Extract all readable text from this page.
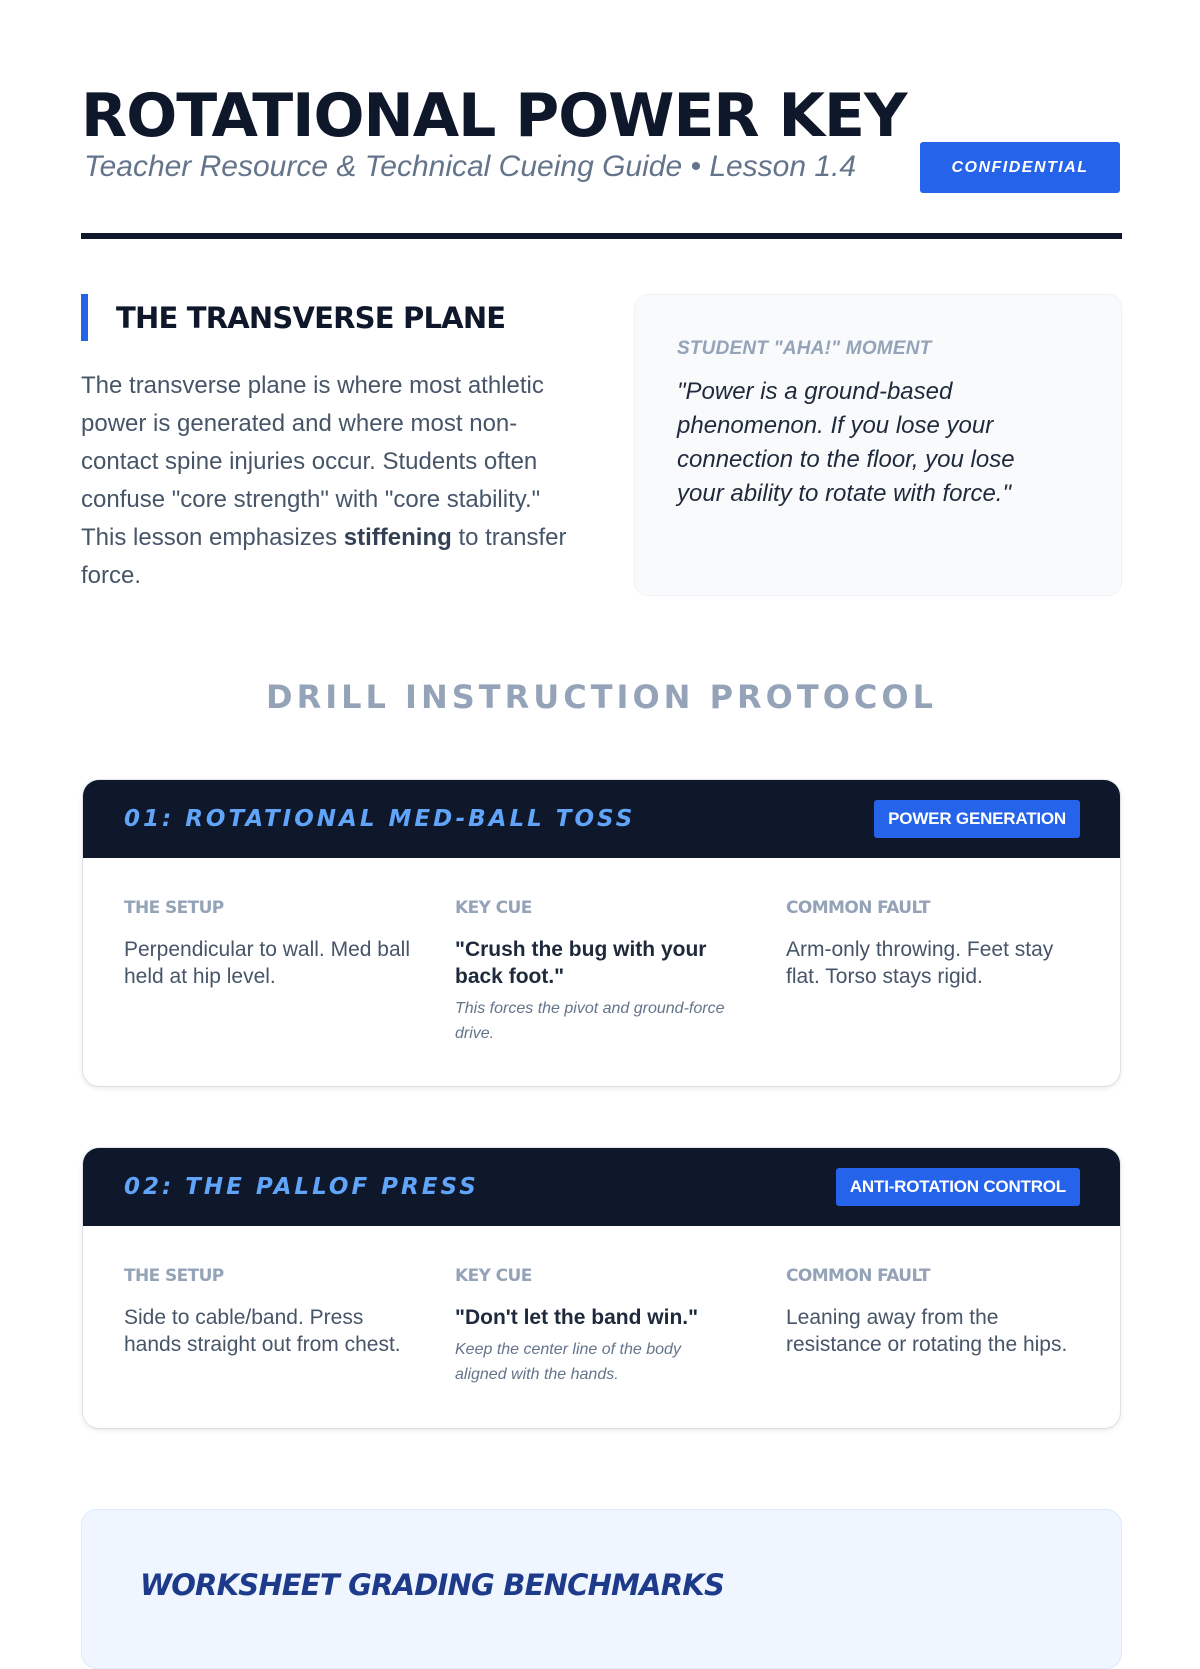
ROTATIONAL POWER KEY
Teacher Resource & Technical Cueing Guide • Lesson 1.4	CONFIDENTIAL
THE TRANSVERSE PLANE

The transverse plane is where most athletic power is generated and where most non-contact spine injuries occur. Students often confuse "core strength" with "core stability." This lesson emphasizes stiffening to transfer force.

STUDENT "AHA!" MOMENT

"Power is a ground-based phenomenon. If you lose your connection to the floor, you lose your ability to rotate with force."

DRILL INSTRUCTION PROTOCOL
01: ROTATIONAL MED-BALL TOSS	POWER GENERATION

THE SETUP

Perpendicular to wall. Med ball held at hip level.

KEY CUE

"Crush the bug with your back foot."

This forces the pivot and ground-force drive.

COMMON FAULT

Arm-only throwing. Feet stay flat. Torso stays rigid.

02: THE PALLOF PRESS	ANTI-ROTATION CONTROL

THE SETUP

Side to cable/band. Press hands straight out from chest.

KEY CUE

"Don't let the band win."

Keep the center line of the body aligned with the hands.

COMMON FAULT

Leaning away from the resistance or rotating the hips.

WORKSHEET GRADING BENCHMARKS
